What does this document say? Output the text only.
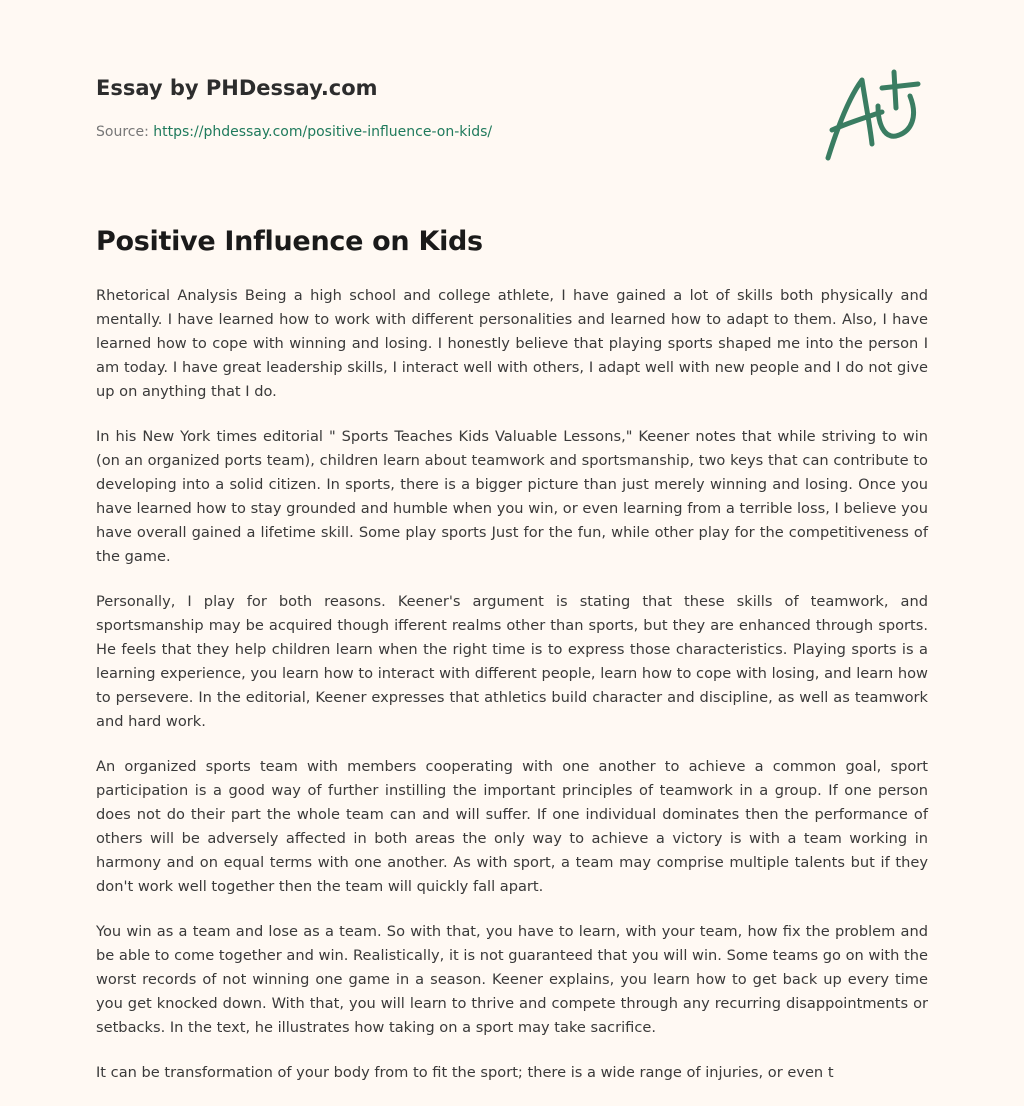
Essay by PHDessay.com
Source: https://phdessay.com/positive-influence-on-kids/
Positive Influence on Kids

Rhetorical Analysis Being a high school and college athlete, I have gained a lot of skills both physically and mentally. I have learned how to work with different personalities and learned how to adapt to them. Also, I have learned how to cope with winning and losing. I honestly believe that playing sports shaped me into the person I am today. I have great leadership skills, I interact well with others, I adapt well with new people and I do not give up on anything that I do.

In his New York times editorial " Sports Teaches Kids Valuable Lessons," Keener notes that while striving to win (on an organized ports team), children learn about teamwork and sportsmanship, two keys that can contribute to developing into a solid citizen. In sports, there is a bigger picture than just merely winning and losing. Once you have learned how to stay grounded and humble when you win, or even learning from a terrible loss, I believe you have overall gained a lifetime skill. Some play sports Just for the fun, while other play for the competitiveness of the game.

Personally, I play for both reasons. Keener's argument is stating that these skills of teamwork, and sportsmanship may be acquired though ifferent realms other than sports, but they are enhanced through sports. He feels that they help children learn when the right time is to express those characteristics. Playing sports is a learning experience, you learn how to interact with different people, learn how to cope with losing, and learn how to persevere. In the editorial, Keener expresses that athletics build character and discipline, as well as teamwork and hard work.

An organized sports team with members cooperating with one another to achieve a common goal, sport participation is a good way of further instilling the important principles of teamwork in a group. If one person does not do their part the whole team can and will suffer. If one individual dominates then the performance of others will be adversely affected in both areas the only way to achieve a victory is with a team working in harmony and on equal terms with one another. As with sport, a team may comprise multiple talents but if they don't work well together then the team will quickly fall apart.

You win as a team and lose as a team. So with that, you have to learn, with your team, how fix the problem and be able to come together and win. Realistically, it is not guaranteed that you will win. Some teams go on with the worst records of not winning one game in a season. Keener explains, you learn how to get back up every time you get knocked down. With that, you will learn to thrive and compete through any recurring disappointments or setbacks. In the text, he illustrates how taking on a sport may take sacrifice.

It can be transformation of your body from to fit the sport; there is a wide range of injuries, or even t
